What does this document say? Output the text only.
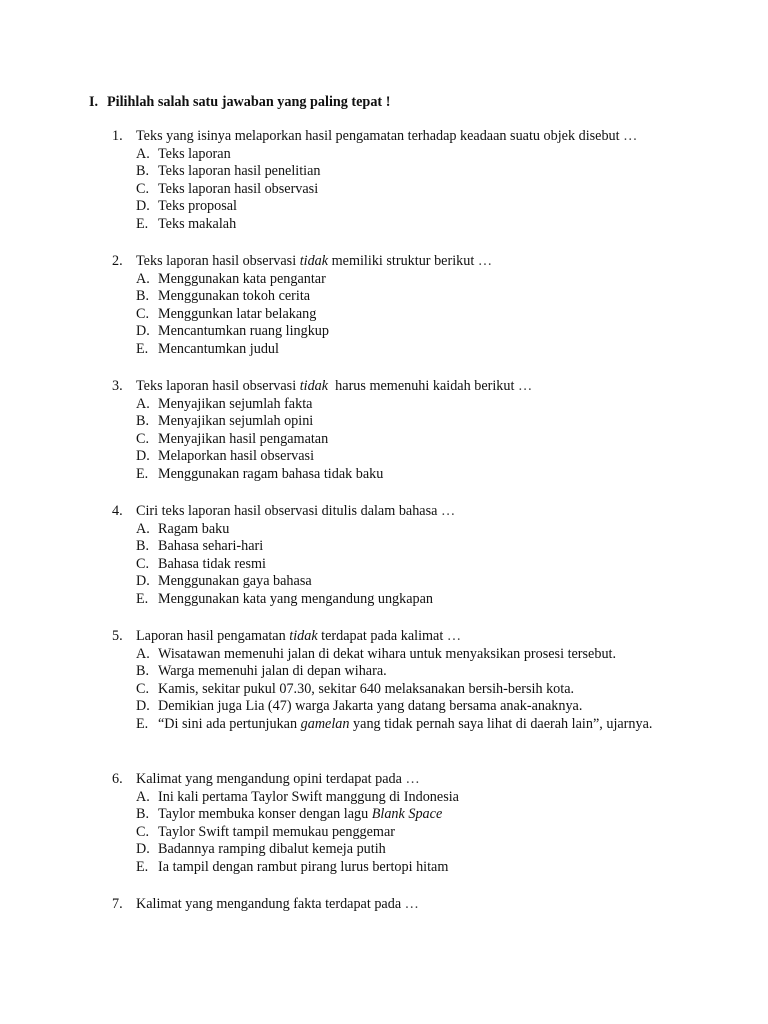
I. Pilihlah salah satu jawaban yang paling tepat !
1. Teks yang isinya melaporkan hasil pengamatan terhadap keadaan suatu objek disebut …
A. Teks laporan
B. Teks laporan hasil penelitian
C. Teks laporan hasil observasi
D. Teks proposal
E. Teks makalah
2. Teks laporan hasil observasi tidak memiliki struktur berikut …
A. Menggunakan kata pengantar
B. Menggunakan tokoh cerita
C. Menggunkan latar belakang
D. Mencantumkan ruang lingkup
E. Mencantumkan judul
3. Teks laporan hasil observasi tidak  harus memenuhi kaidah berikut …
A. Menyajikan sejumlah fakta
B. Menyajikan sejumlah opini
C. Menyajikan hasil pengamatan
D. Melaporkan hasil observasi
E. Menggunakan ragam bahasa tidak baku
4. Ciri teks laporan hasil observasi ditulis dalam bahasa …
A. Ragam baku
B. Bahasa sehari-hari
C. Bahasa tidak resmi
D. Menggunakan gaya bahasa
E. Menggunakan kata yang mengandung ungkapan
5. Laporan hasil pengamatan tidak terdapat pada kalimat …
A. Wisatawan memenuhi jalan di dekat wihara untuk menyaksikan prosesi tersebut.
B. Warga memenuhi jalan di depan wihara.
C. Kamis, sekitar pukul 07.30, sekitar 640 melaksanakan bersih-bersih kota.
D. Demikian juga Lia (47) warga Jakarta yang datang bersama anak-anaknya.
E. “Di sini ada pertunjukan gamelan yang tidak pernah saya lihat di daerah lain”, ujarnya.
6. Kalimat yang mengandung opini terdapat pada …
A. Ini kali pertama Taylor Swift manggung di Indonesia
B. Taylor membuka konser dengan lagu Blank Space
C. Taylor Swift tampil memukau penggemar
D. Badannya ramping dibalut kemeja putih
E. Ia tampil dengan rambut pirang lurus bertopi hitam
7. Kalimat yang mengandung fakta terdapat pada …
